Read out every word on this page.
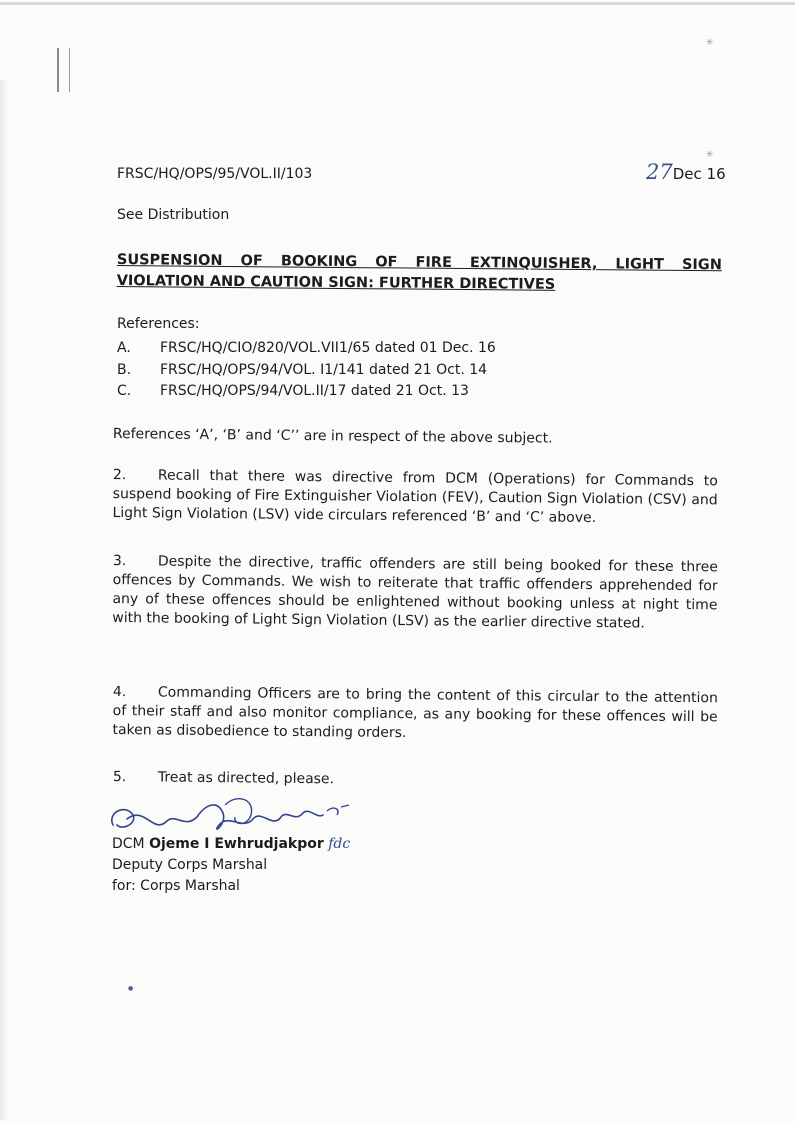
✳
✳
●
FRSC/HQ/OPS/95/VOL.II/103	27Dec 16
See Distribution
SUSPENSION OF BOOKING OF FIRE EXTINQUISHER, LIGHT SIGN VIOLATION AND CAUTION SIGN: FURTHER DIRECTIVES
References:
A. FRSC/HQ/CIO/820/VOL.VII1/65 dated 01 Dec. 16
B. FRSC/HQ/OPS/94/VOL. I1/141 dated 21 Oct. 14
C. FRSC/HQ/OPS/94/VOL.II/17 dated 21 Oct. 13
References ‘A’, ‘B’ and ‘C’’ are in respect of the above subject.
2. Recall that there was directive from DCM (Operations) for Commands to suspend booking of Fire Extinguisher Violation (FEV), Caution Sign Violation (CSV) and Light Sign Violation (LSV) vide circulars referenced ‘B’ and ‘C’ above.
3. Despite the directive, traffic offenders are still being booked for these three offences by Commands. We wish to reiterate that traffic offenders apprehended for any of these offences should be enlightened without booking unless at night time with the booking of Light Sign Violation (LSV) as the earlier directive stated.
4. Commanding Officers are to bring the content of this circular to the attention of their staff and also monitor compliance, as any booking for these offences will be taken as disobedience to standing orders.
5. Treat as directed, please.
DCM Ojeme I Ewhrudjakpor fdc
Deputy Corps Marshal
for: Corps Marshal
